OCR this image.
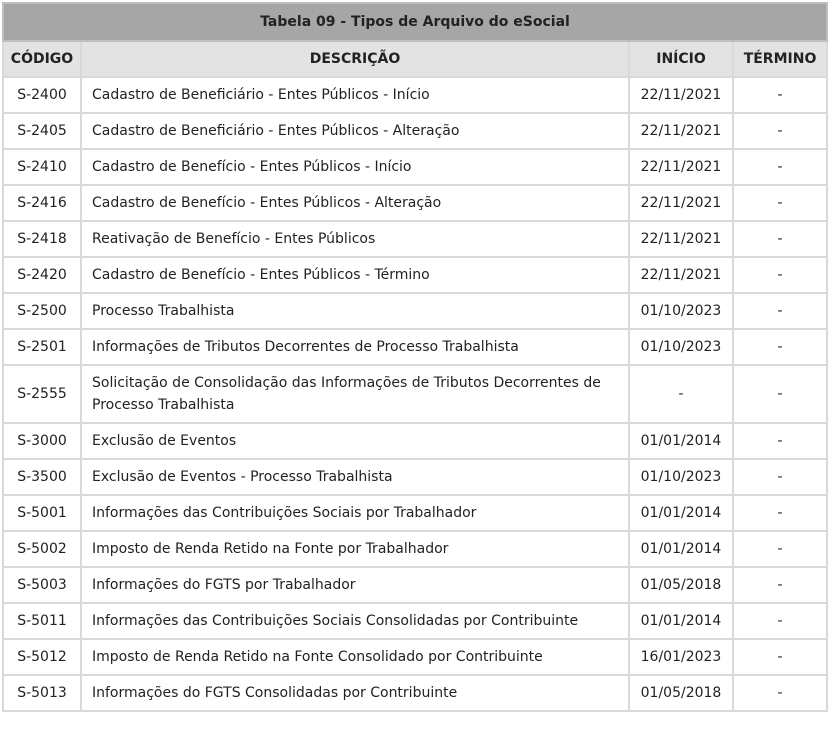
Tabela 09 - Tipos de Arquivo do eSocial			
CÓDIGO	DESCRIÇÃO	INÍCIO	TÉRMINO
S-2400	Cadastro de Beneficiário - Entes Públicos - Início	22/11/2021	-
S-2405	Cadastro de Beneficiário - Entes Públicos - Alteração	22/11/2021	-
S-2410	Cadastro de Benefício - Entes Públicos - Início	22/11/2021	-
S-2416	Cadastro de Benefício - Entes Públicos - Alteração	22/11/2021	-
S-2418	Reativação de Benefício - Entes Públicos	22/11/2021	-
S-2420	Cadastro de Benefício - Entes Públicos - Término	22/11/2021	-
S-2500	Processo Trabalhista	01/10/2023	-
S-2501	Informações de Tributos Decorrentes de Processo Trabalhista	01/10/2023	-
S-2555	Solicitação de Consolidação das Informações de Tributos Decorrentes de Processo Trabalhista	-	-
S-3000	Exclusão de Eventos	01/01/2014	-
S-3500	Exclusão de Eventos - Processo Trabalhista	01/10/2023	-
S-5001	Informações das Contribuições Sociais por Trabalhador	01/01/2014	-
S-5002	Imposto de Renda Retido na Fonte por Trabalhador	01/01/2014	-
S-5003	Informações do FGTS por Trabalhador	01/05/2018	-
S-5011	Informações das Contribuições Sociais Consolidadas por Contribuinte	01/01/2014	-
S-5012	Imposto de Renda Retido na Fonte Consolidado por Contribuinte	16/01/2023	-
S-5013	Informações do FGTS Consolidadas por Contribuinte	01/05/2018	-
